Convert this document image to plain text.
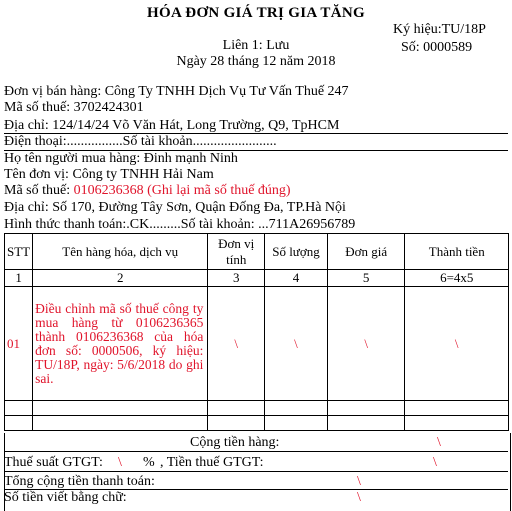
HÓA ĐƠN GIÁ TRỊ GIA TĂNG
Ký hiệu:TU/18P
Liên 1: Lưu	Số: 0000589
Ngày 28 tháng 12 năm 2018
Đơn vị bán hàng: Công Ty TNHH Dịch Vụ Tư Vấn Thuế 247
Mã số thuế: 3702424301
Địa chỉ: 124/14/24 Võ Văn Hát, Long Trường, Q9, TpHCM
Điện thoại:................Số tài khoản........................
Họ tên người mua hàng: Đinh mạnh Ninh
Tên đơn vị: Công ty TNHH Hải Nam
Mã số thuế: 0106236368 (Ghi lại mã số thuế đúng)
Địa chỉ: Số 170, Đường Tây Sơn, Quận Đống Đa, TP.Hà Nội
Hình thức thanh toán:.CK.........Số tài khoản: ...711A26956789
STT	Tên hàng hóa, dịch vụ	Đơn vị tính	Số lượng	Đơn giá	Thành tiền
1	2	3	4	5	6=4x5
01	Điều chỉnh mã số thuế công ty mua hàng từ 0106236365 thành 0106236368 của hóa đơn số: 0000506, ký hiệu: TU/18P, ngày: 5/6/2018 do ghi sai.	\	\	\	\

Cộng tiền hàng:	\
Thuế suất GTGT: \ % , Tiền thuế GTGT:	\
Tổng cộng tiền thanh toán:	\
Số tiền viết bằng chữ:	\
